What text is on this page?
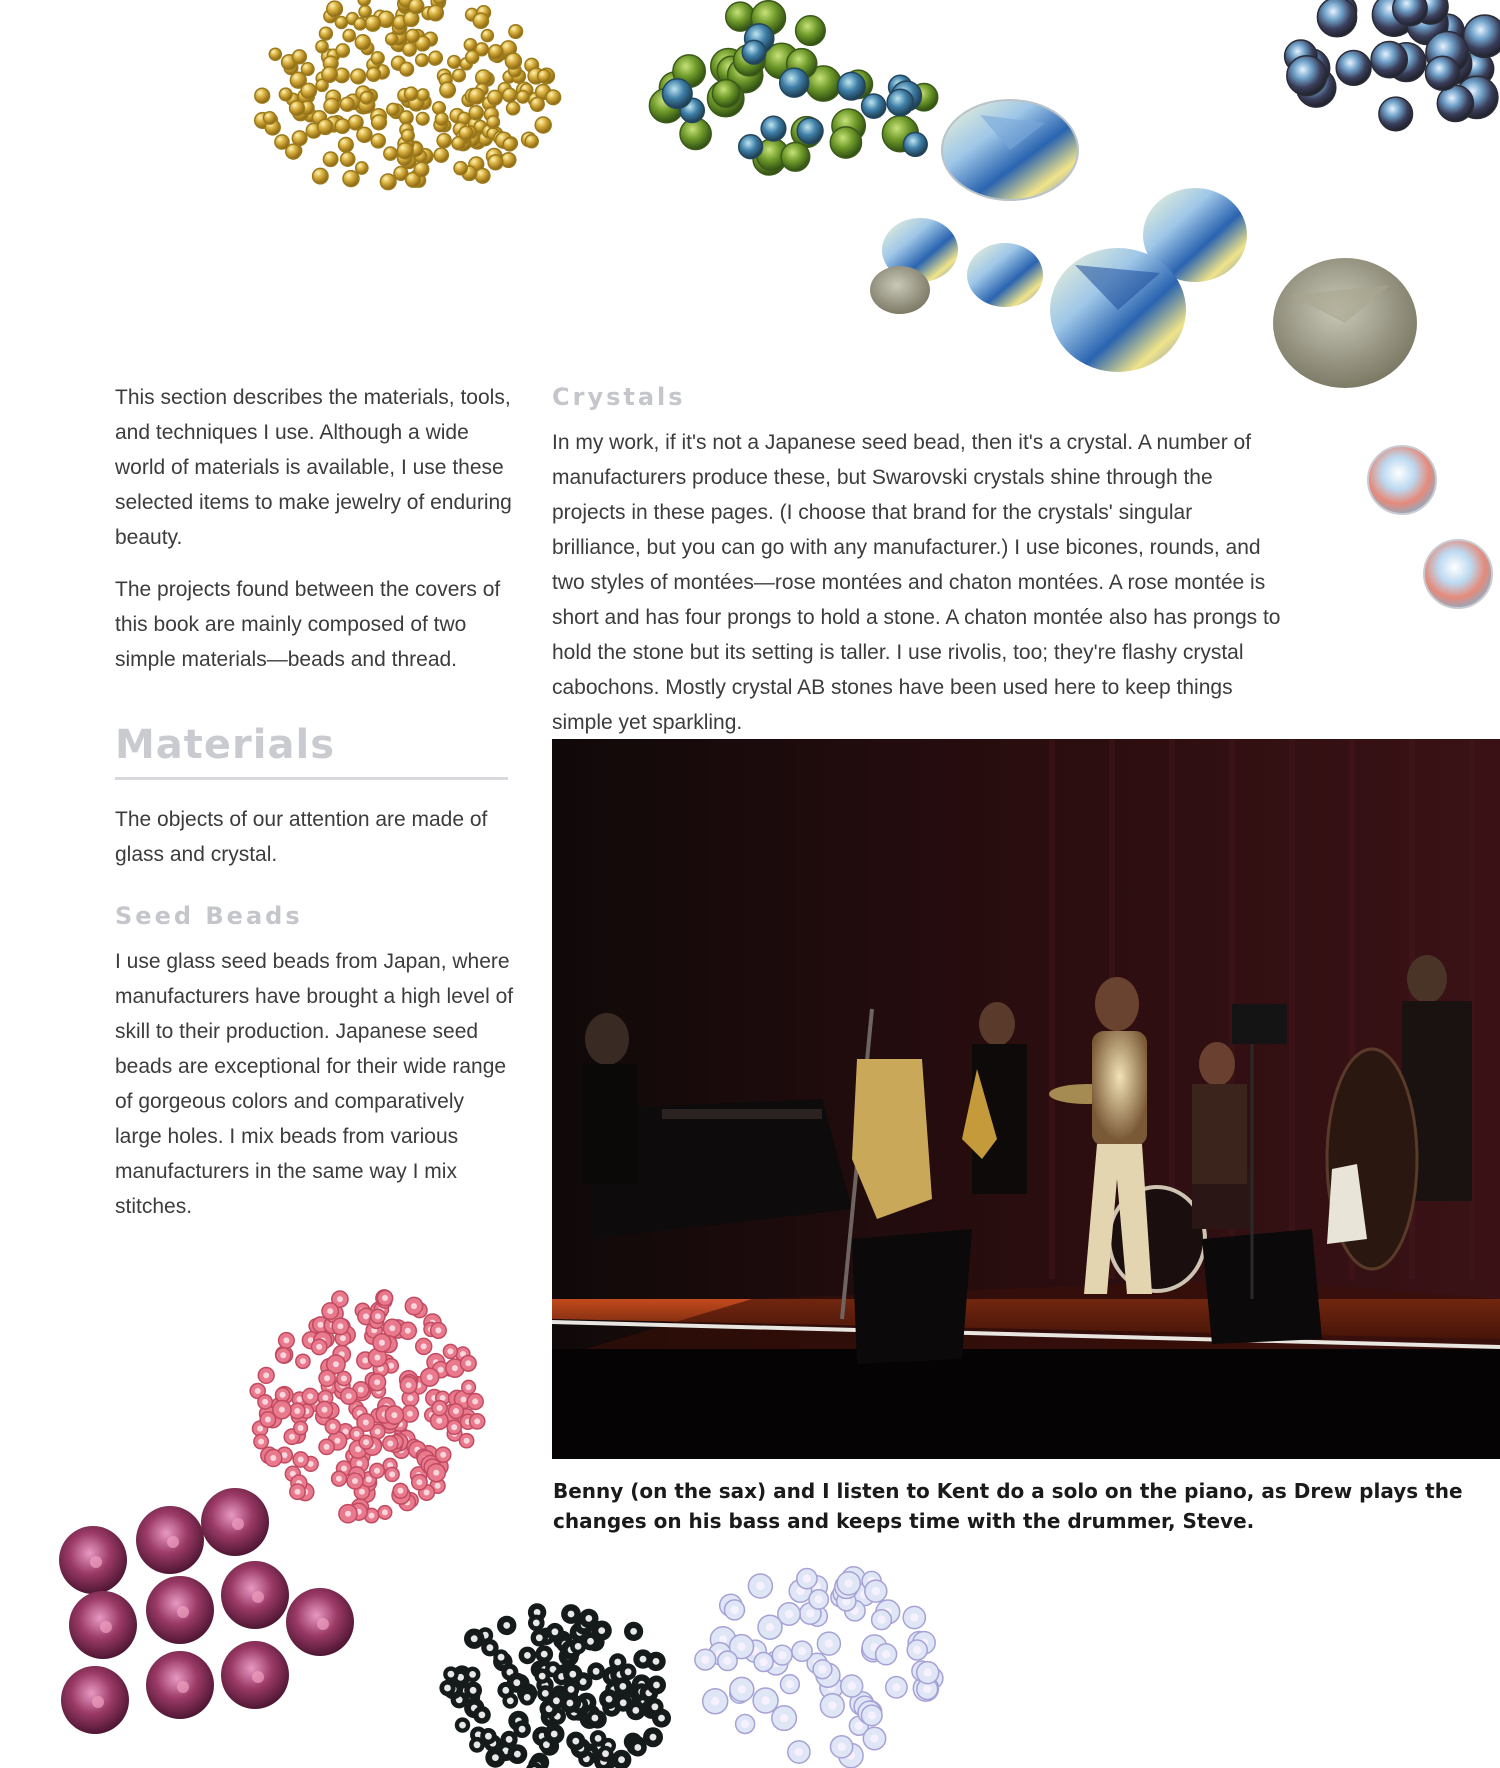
This section describes the materials, tools, and techniques I use. Although a wide world of materials is available, I use these selected items to make jewelry of enduring beauty.

The projects found between the covers of this book are mainly composed of two simple materials—beads and thread.

Materials

The objects of our attention are made of glass and crystal.

Seed Beads

I use glass seed beads from Japan, where manufacturers have brought a high level of skill to their production. Japanese seed beads are exceptional for their wide range of gorgeous colors and comparatively large holes. I mix beads from various manufacturers in the same way I mix stitches.

Crystals

In my work, if it's not a Japanese seed bead, then it's a crystal. A number of manufacturers produce these, but Swarovski crystals shine through the projects in these pages. (I choose that brand for the crystals' singular brilliance, but you can go with any manufacturer.) I use bicones, rounds, and two styles of montées—rose montées and chaton montées. A rose montée is short and has four prongs to hold a stone. A chaton montée also has prongs to hold the stone but its setting is taller. I use rivolis, too; they're flashy crystal cabochons. Mostly crystal AB stones have been used here to keep things simple yet sparkling.

Benny (on the sax) and I listen to Kent do a solo on the piano, as Drew plays the changes on his bass and keeps time with the drummer, Steve.
